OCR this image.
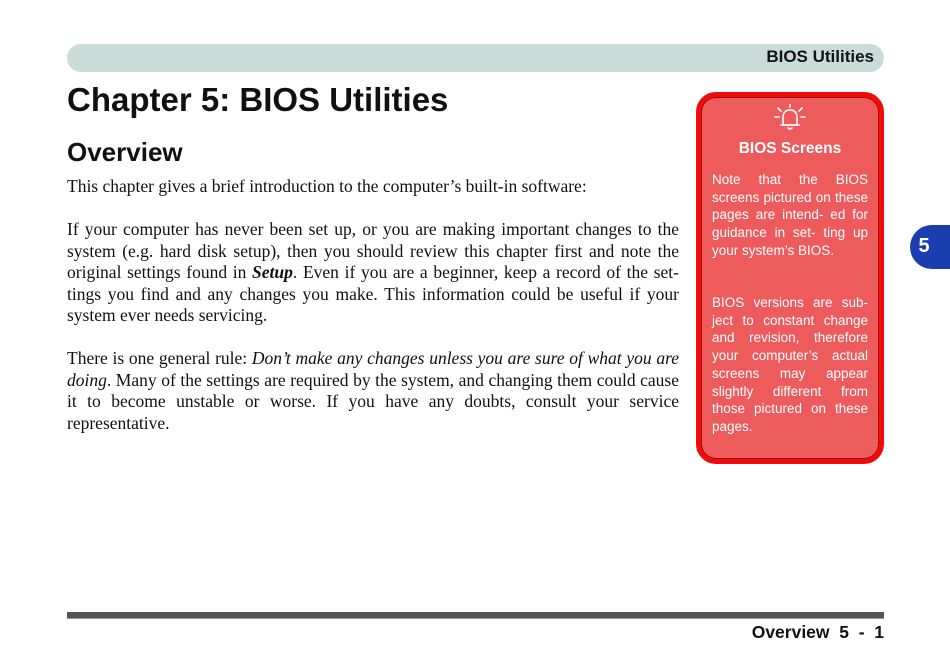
BIOS Utilities
Chapter 5: BIOS Utilities
Overview

This chapter gives a brief introduction to the computer’s built-in software:

If your computer has never been set up, or you are making important changes to the system (e.g. hard disk setup), then you should review this chapter first and note the original settings found in Setup. Even if you are a beginner, keep a record of the set- tings you find and any changes you make. This information could be useful if your system ever needs servicing.

There is one general rule: Don’t make any changes unless you are sure of what you are doing. Many of the settings are required by the system, and changing them could cause it to become unstable or worse. If you have any doubts, consult your service representative.

BIOS Screens

Note that the BIOS screens pictured on these pages are intend- ed for guidance in set- ting up your system’s BIOS.

BIOS versions are sub- ject to constant change and revision, therefore your computer’s actual screens may appear slightly different from those pictured on these pages.

5
Overview  5  -  1
